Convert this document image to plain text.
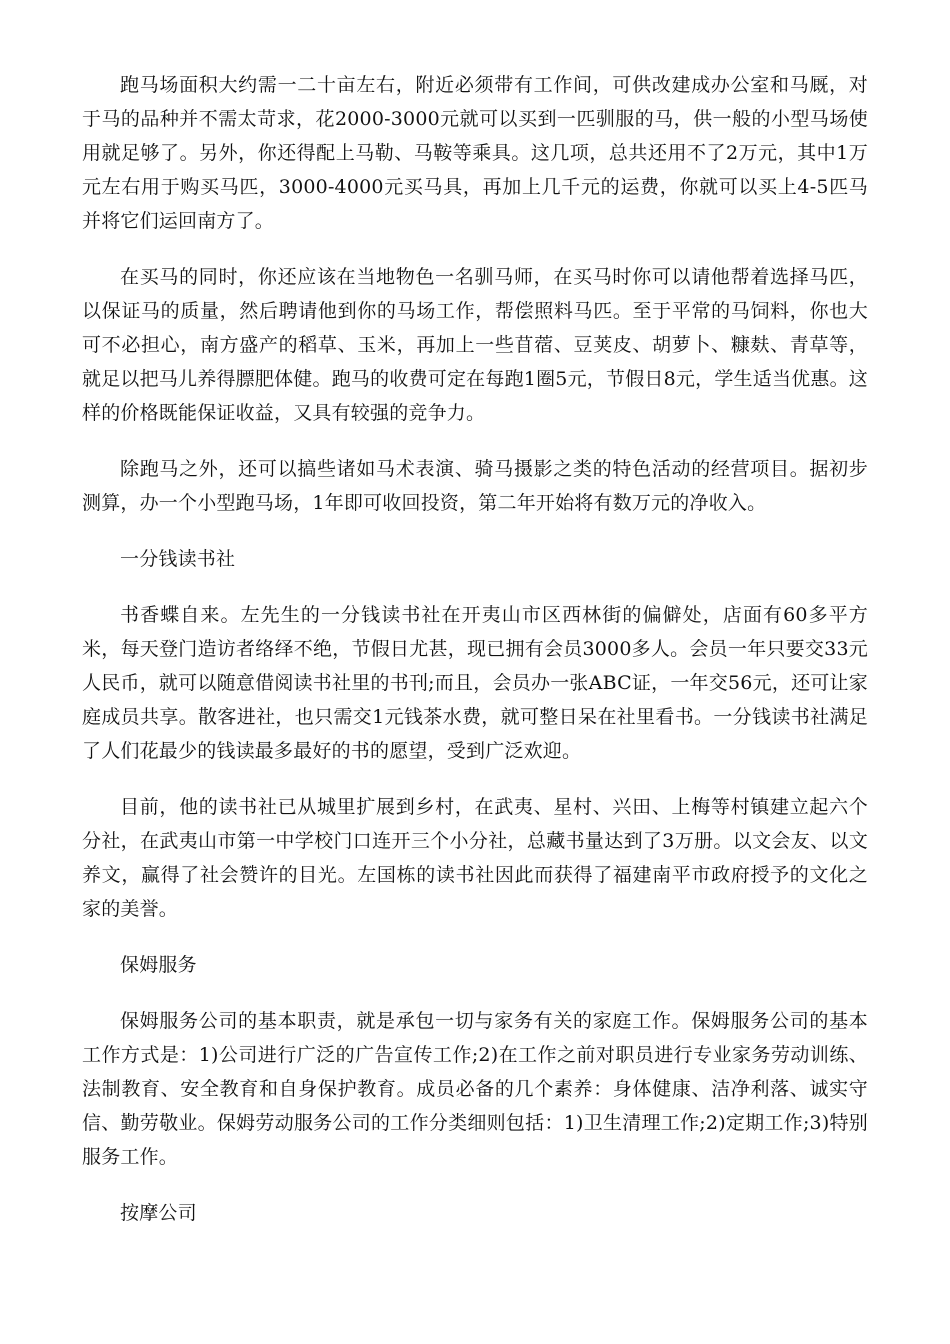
跑马场面积大约需一二十亩左右，附近必须带有工作间，可供改建成办公室和马厩，对于马的品种并不需太苛求，花2000-3000元就可以买到一匹驯服的马，供一般的小型马场使用就足够了。另外，你还得配上马勒、马鞍等乘具。这几项，总共还用不了2万元，其中1万元左右用于购买马匹，3000-4000元买马具，再加上几千元的运费，你就可以买上4-5匹马并将它们运回南方了。

在买马的同时，你还应该在当地物色一名驯马师，在买马时你可以请他帮着选择马匹，以保证马的质量，然后聘请他到你的马场工作，帮偿照料马匹。至于平常的马饲料，你也大可不必担心，南方盛产的稻草、玉米，再加上一些苜蓿、豆荚皮、胡萝卜、糠麸、青草等，就足以把马儿养得膘肥体健。跑马的收费可定在每跑1圈5元，节假日8元，学生适当优惠。这样的价格既能保证收益，又具有较强的竞争力。

除跑马之外，还可以搞些诸如马术表演、骑马摄影之类的特色活动的经营项目。据初步测算，办一个小型跑马场，1年即可收回投资，第二年开始将有数万元的净收入。

一分钱读书社

书香蝶自来。左先生的一分钱读书社在开夷山市区西林街的偏僻处，店面有60多平方米，每天登门造访者络绎不绝，节假日尤甚，现已拥有会员3000多人。会员一年只要交33元人民币，就可以随意借阅读书社里的书刊;而且，会员办一张ABC证，一年交56元，还可让家庭成员共享。散客进社，也只需交1元钱茶水费，就可整日呆在社里看书。一分钱读书社满足了人们花最少的钱读最多最好的书的愿望，受到广泛欢迎。

目前，他的读书社已从城里扩展到乡村，在武夷、星村、兴田、上梅等村镇建立起六个分社，在武夷山市第一中学校门口连开三个小分社，总藏书量达到了3万册。以文会友、以文养文，赢得了社会赞许的目光。左国栋的读书社因此而获得了福建南平市政府授予的文化之家的美誉。

保姆服务

保姆服务公司的基本职责，就是承包一切与家务有关的家庭工作。保姆服务公司的基本工作方式是：1)公司进行广泛的广告宣传工作;2)在工作之前对职员进行专业家务劳动训练、法制教育、安全教育和自身保护教育。成员必备的几个素养：身体健康、洁净利落、诚实守信、勤劳敬业。保姆劳动服务公司的工作分类细则包括：1)卫生清理工作;2)定期工作;3)特别服务工作。

按摩公司
